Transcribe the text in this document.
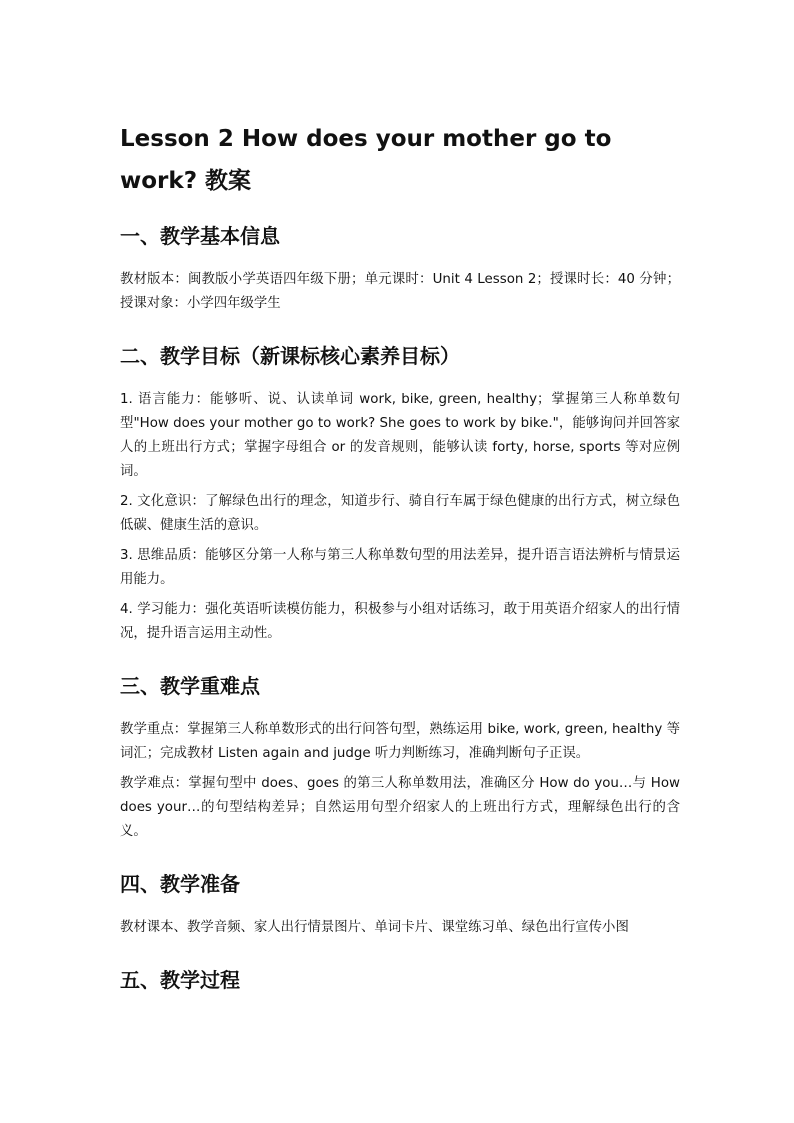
Lesson 2 How does your mother go to work? 教案
一、教学基本信息

教材版本：闽教版小学英语四年级下册；单元课时：Unit 4 Lesson 2；授课时长：40 分钟；授课对象：小学四年级学生

二、教学目标（新课标核心素养目标）

1. 语言能力：能够听、说、认读单词 work, bike, green, healthy；掌握第三人称单数句型"How does your mother go to work? She goes to work by bike."，能够询问并回答家人的上班出行方式；掌握字母组合 or 的发音规则，能够认读 forty, horse, sports 等对应例词。

2. 文化意识：了解绿色出行的理念，知道步行、骑自行车属于绿色健康的出行方式，树立绿色低碳、健康生活的意识。

3. 思维品质：能够区分第一人称与第三人称单数句型的用法差异，提升语言语法辨析与情景运用能力。

4. 学习能力：强化英语听读模仿能力，积极参与小组对话练习，敢于用英语介绍家人的出行情况，提升语言运用主动性。

三、教学重难点

教学重点：掌握第三人称单数形式的出行问答句型，熟练运用 bike, work, green, healthy 等词汇；完成教材 Listen again and judge 听力判断练习，准确判断句子正误。

教学难点：掌握句型中 does、goes 的第三人称单数用法，准确区分 How do you…与 How does your…的句型结构差异；自然运用句型介绍家人的上班出行方式，理解绿色出行的含义。

四、教学准备

教材课本、教学音频、家人出行情景图片、单词卡片、课堂练习单、绿色出行宣传小图

五、教学过程
